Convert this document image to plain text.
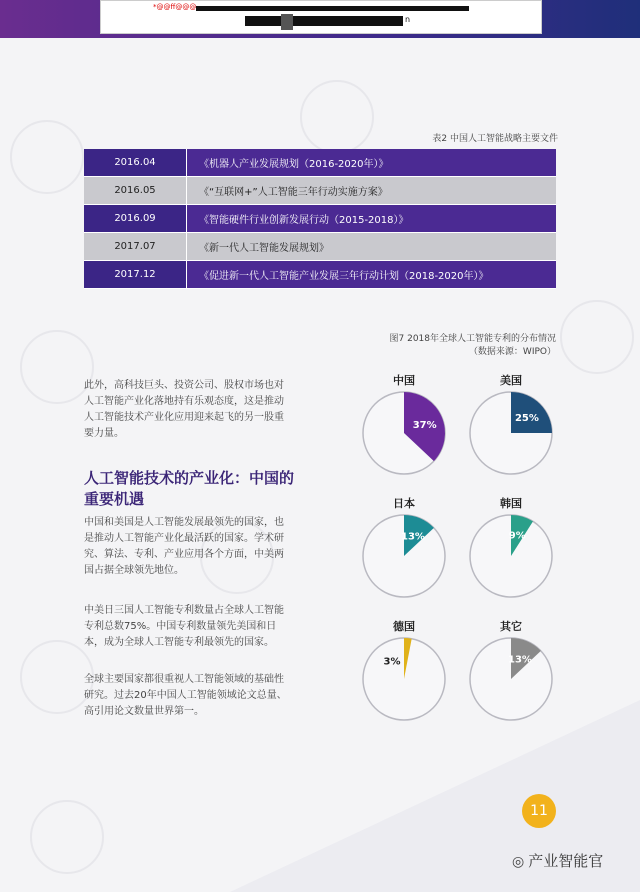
*@@ff@@@
n
表2 中国人工智能战略主要文件
2016.04	《机器人产业发展规划（2016-2020年）》
2016.05	《“互联网+”人工智能三年行动实施方案》
2016.09	《智能硬件行业创新发展行动（2015-2018）》
2017.07	《新一代人工智能发展规划》
2017.12	《促进新一代人工智能产业发展三年行动计划（2018-2020年）》
图7 2018年全球人工智能专利的分布情况
（数据来源：WIPO）
此外，高科技巨头、投资公司、股权市场也对人工智能产业化落地持有乐观态度，这是推动人工智能技术产业化应用迎来起飞的另一股重要力量。
人工智能技术的产业化：中国的重要机遇
中国和美国是人工智能发展最领先的国家，也是推动人工智能产业化最活跃的国家。学术研究、算法、专利、产业应用各个方面，中美两国占据全球领先地位。
中美日三国人工智能专利数量占全球人工智能专利总数75%。中国专利数量领先美国和日本，成为全球人工智能专利最领先的国家。
全球主要国家都很重视人工智能领域的基础性研究。过去20年中国人工智能领域论文总量、高引用论文数量世界第一。
中国
37%
美国
25%
日本
13%
韩国
9%
德国
3%
其它
13%
11
◎ 产业智能官
